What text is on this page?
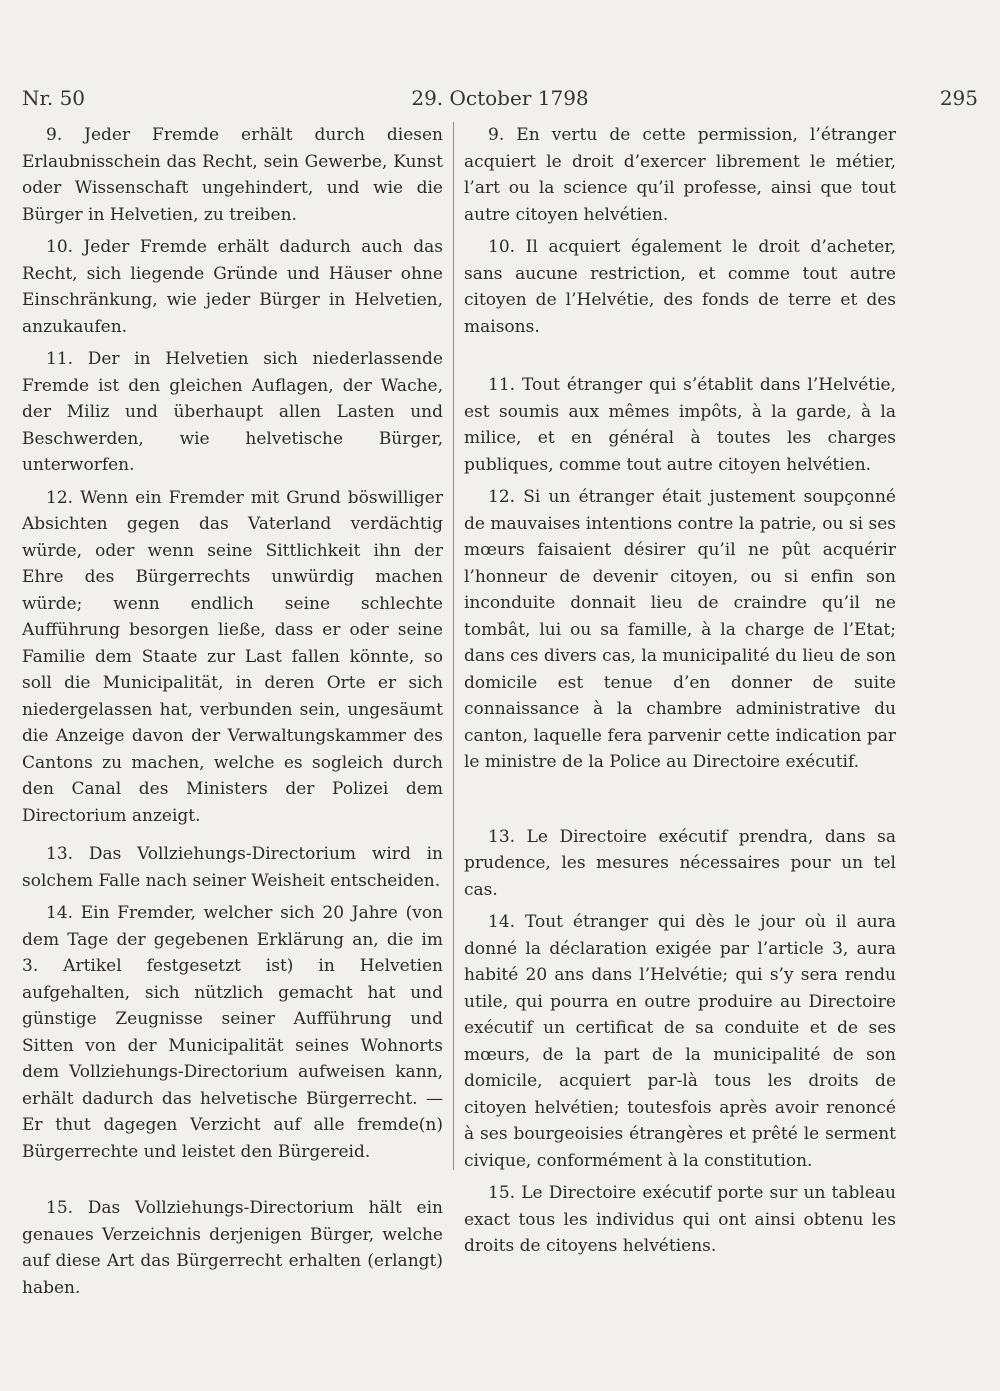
Nr. 50	29. October 1798	295

9. Jeder Fremde erhält durch diesen Erlaubnisschein das Recht, sein Gewerbe, Kunst oder Wissenschaft ungehindert, und wie die Bürger in Helvetien, zu treiben.

10. Jeder Fremde erhält dadurch auch das Recht, sich liegende Gründe und Häuser ohne Einschränkung, wie jeder Bürger in Helvetien, anzukaufen.

11. Der in Helvetien sich niederlassende Fremde ist den gleichen Auflagen, der Wache, der Miliz und überhaupt allen Lasten und Beschwerden, wie helvetische Bürger, unterworfen.

12. Wenn ein Fremder mit Grund böswilliger Absichten gegen das Vaterland verdächtig würde, oder wenn seine Sittlichkeit ihn der Ehre des Bürgerrechts unwürdig machen würde; wenn endlich seine schlechte Aufführung besorgen ließe, dass er oder seine Familie dem Staate zur Last fallen könnte, so soll die Municipalität, in deren Orte er sich niedergelassen hat, verbunden sein, ungesäumt die Anzeige davon der Verwaltungskammer des Cantons zu machen, welche es sogleich durch den Canal des Ministers der Polizei dem Directorium anzeigt.

13. Das Vollziehungs-Directorium wird in solchem Falle nach seiner Weisheit entscheiden.

14. Ein Fremder, welcher sich 20 Jahre (von dem Tage der gegebenen Erklärung an, die im 3. Artikel festgesetzt ist) in Helvetien aufgehalten, sich nützlich gemacht hat und günstige Zeugnisse seiner Aufführung und Sitten von der Municipalität seines Wohnorts dem Vollziehungs-Directorium aufweisen kann, erhält dadurch das helvetische Bürgerrecht. — Er thut dagegen Verzicht auf alle fremde(n) Bürgerrechte und leistet den Bürgereid.

15. Das Vollziehungs-Directorium hält ein genaues Verzeichnis derjenigen Bürger, welche auf diese Art das Bürgerrecht erhalten (erlangt) haben.

9. En vertu de cette permission, l’étranger acquiert le droit d’exercer librement le métier, l’art ou la science qu’il professe, ainsi que tout autre citoyen helvétien.

10. Il acquiert également le droit d’acheter, sans aucune restriction, et comme tout autre citoyen de l’Helvétie, des fonds de terre et des maisons.

11. Tout étranger qui s’établit dans l’Helvétie, est soumis aux mêmes impôts, à la garde, à la milice, et en général à toutes les charges publiques, comme tout autre citoyen helvétien.

12. Si un étranger était justement soupçonné de mauvaises intentions contre la patrie, ou si ses mœurs faisaient désirer qu’il ne pût acquérir l’honneur de devenir citoyen, ou si enfin son inconduite donnait lieu de craindre qu’il ne tombât, lui ou sa famille, à la charge de l’Etat; dans ces divers cas, la municipalité du lieu de son domicile est tenue d’en donner de suite connaissance à la chambre administrative du canton, laquelle fera parvenir cette indication par le ministre de la Police au Directoire exécutif.

13. Le Directoire exécutif prendra, dans sa prudence, les mesures nécessaires pour un tel cas.

14. Tout étranger qui dès le jour où il aura donné la déclaration exigée par l’article 3, aura habité 20 ans dans l’Helvétie; qui s’y sera rendu utile, qui pourra en outre produire au Directoire exécutif un certificat de sa conduite et de ses mœurs, de la part de la municipalité de son domicile, acquiert par-là tous les droits de citoyen helvétien; toutesfois après avoir renoncé à ses bourgeoisies étrangères et prêté le serment civique, conformément à la constitution.

15. Le Directoire exécutif porte sur un tableau exact tous les individus qui ont ainsi obtenu les droits de citoyens helvétiens.
